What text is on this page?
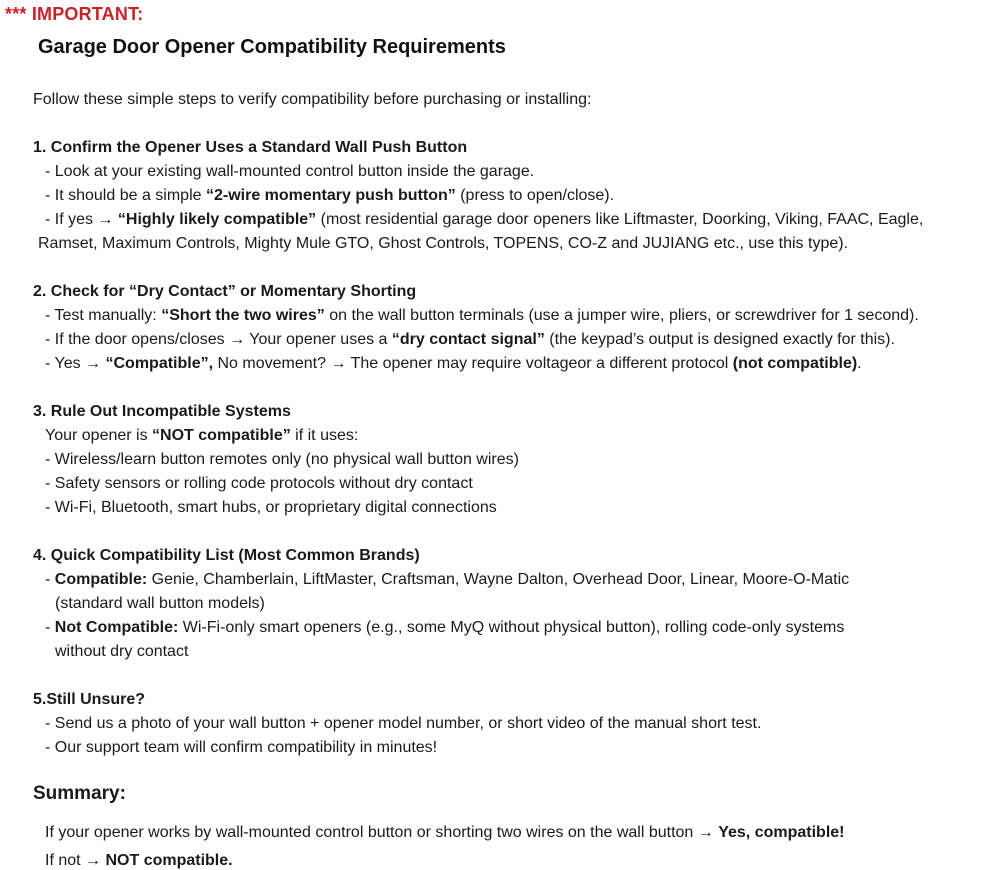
*** IMPORTANT:
Garage Door Opener Compatibility Requirements

Follow these simple steps to verify compatibility before purchasing or installing:

1. Confirm the Opener Uses a Standard Wall Push Button
- Look at your existing wall-mounted control button inside the garage.
- It should be a simple “2-wire momentary push button” (press to open/close).
- If yes → “Highly likely compatible” (most residential garage door openers like Liftmaster, Doorking, Viking, FAAC, Eagle,
Ramset, Maximum Controls, Mighty Mule GTO, Ghost Controls, TOPENS, CO-Z and JUJIANG etc., use this type).
2. Check for “Dry Contact” or Momentary Shorting
- Test manually: “Short the two wires” on the wall button terminals (use a jumper wire, pliers, or screwdriver for 1 second).
- If the door opens/closes → Your opener uses a “dry contact signal” (the keypad’s output is designed exactly for this).
- Yes → “Compatible”, No movement? → The opener may require voltageor a different protocol (not compatible).
3. Rule Out Incompatible Systems
Your opener is “NOT compatible” if it uses:
- Wireless/learn button remotes only (no physical wall button wires)
- Safety sensors or rolling code protocols without dry contact
- Wi-Fi, Bluetooth, smart hubs, or proprietary digital connections
4. Quick Compatibility List (Most Common Brands)
- Compatible: Genie, Chamberlain, LiftMaster, Craftsman, Wayne Dalton, Overhead Door, Linear, Moore-O-Matic
(standard wall button models)
- Not Compatible: Wi-Fi-only smart openers (e.g., some MyQ without physical button), rolling code-only systems
without dry contact
5.Still Unsure?
- Send us a photo of your wall button + opener model number, or short video of the manual short test.
- Our support team will confirm compatibility in minutes!
Summary:
If your opener works by wall-mounted control button or shorting two wires on the wall button → Yes, compatible!
If not → NOT compatible.
